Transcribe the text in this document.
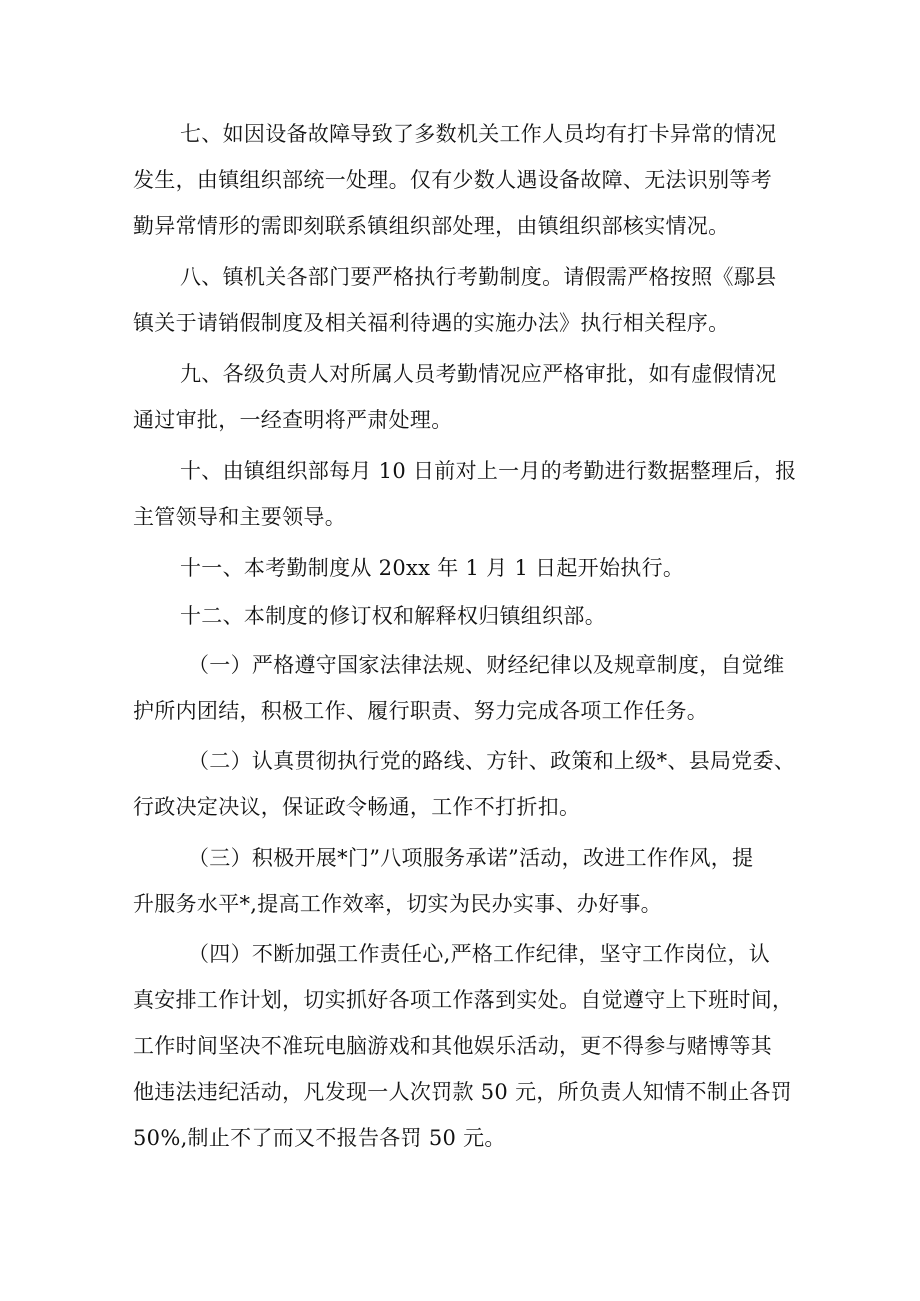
七、如因设备故障导致了多数机关工作人员均有打卡异常的情况

发生，由镇组织部统一处理。仅有少数人遇设备故障、无法识别等考

勤异常情形的需即刻联系镇组织部处理，由镇组织部核实情况。

八、镇机关各部门要严格执行考勤制度。请假需严格按照《鄢县

镇关于请销假制度及相关福利待遇的实施办法》执行相关程序。

九、各级负责人对所属人员考勤情况应严格审批，如有虚假情况

通过审批，一经查明将严肃处理。

十、由镇组织部每月 10 日前对上一月的考勤进行数据整理后，报

主管领导和主要领导。

十一、本考勤制度从 20xx 年 1 月 1 日起开始执行。

十二、本制度的修订权和解释权归镇组织部。

（一）严格遵守国家法律法规、财经纪律以及规章制度，自觉维

护所内团结，积极工作、履行职责、努力完成各项工作任务。

（二）认真贯彻执行党的路线、方针、政策和上级*、县局党委、

行政决定决议，保证政令畅通，工作不打折扣。

（三）积极开展*门”八项服务承诺”活动，改进工作作风，提

升服务水平*,提高工作效率，切实为民办实事、办好事。

（四）不断加强工作责任心,严格工作纪律，坚守工作岗位，认

真安排工作计划，切实抓好各项工作落到实处。自觉遵守上下班时间，

工作时间坚决不准玩电脑游戏和其他娱乐活动，更不得参与赌博等其

他违法违纪活动，凡发现一人次罚款 50 元，所负责人知情不制止各罚

50%,制止不了而又不报告各罚 50 元。
